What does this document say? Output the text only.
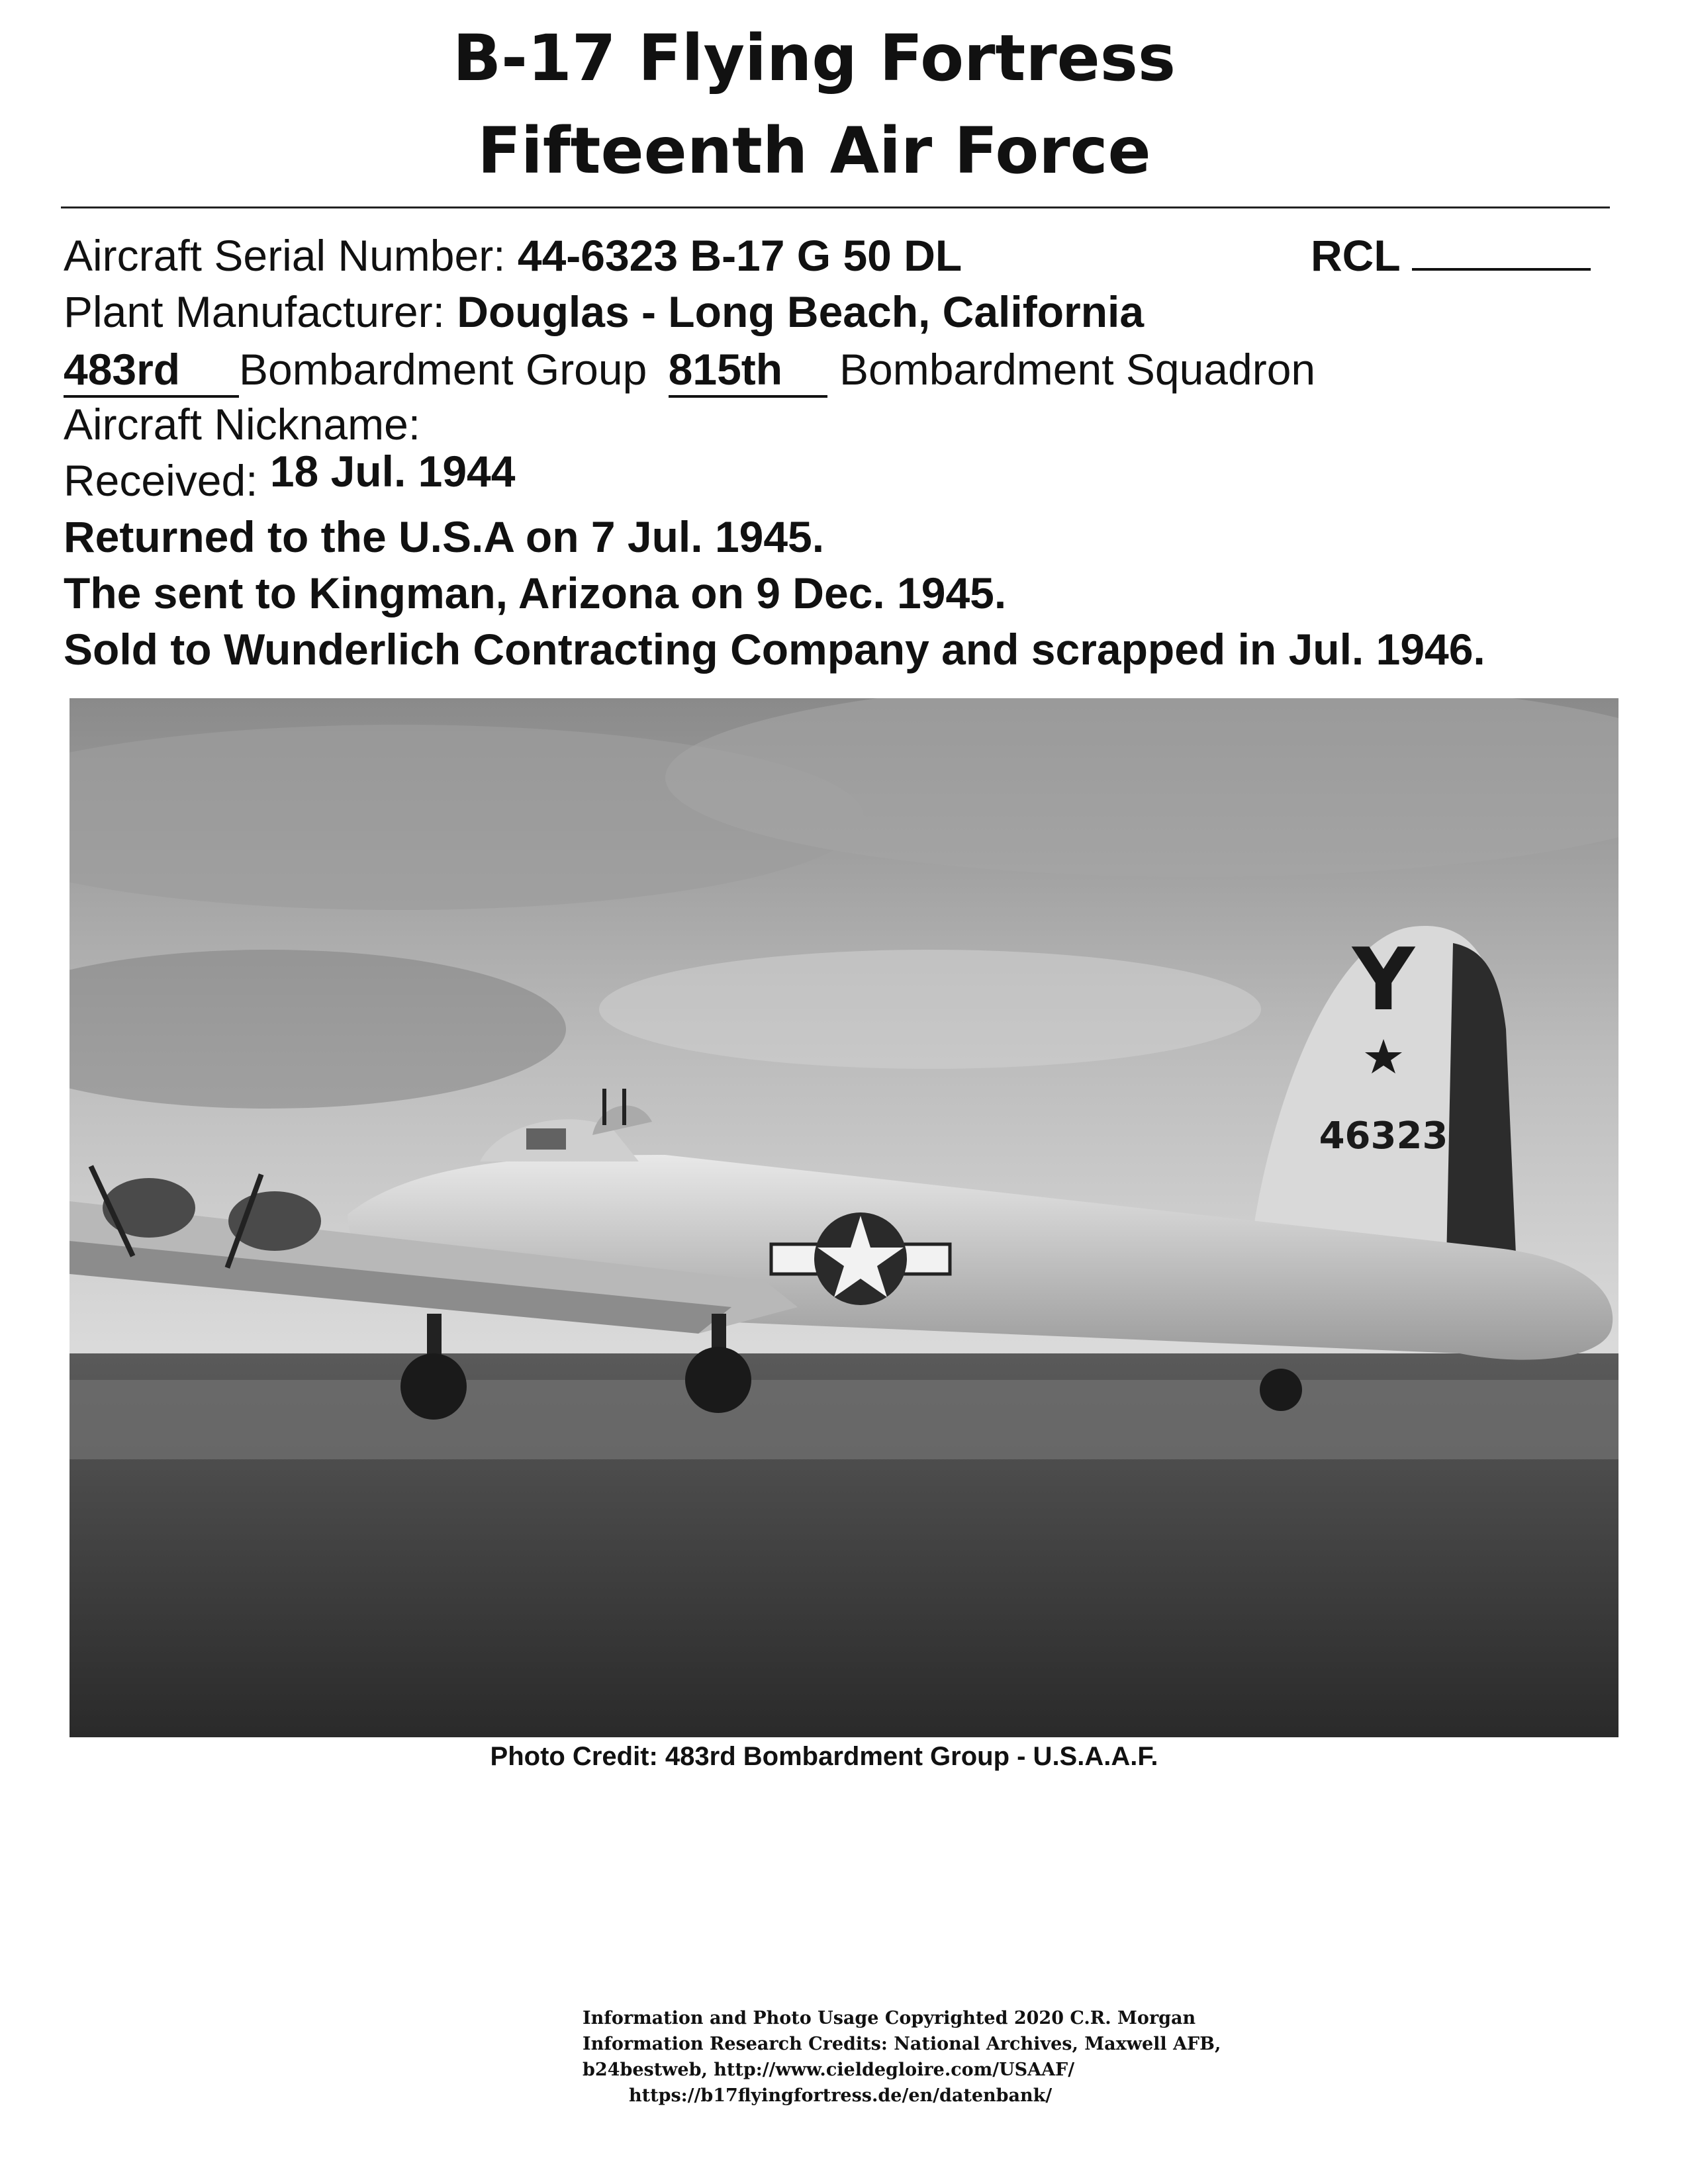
B-17 Flying Fortress
Fifteenth Air Force
Aircraft Serial Number: 44-6323 B-17 G 50 DL	RCL
Plant Manufacturer: Douglas - Long Beach, California
483rd Bombardment Group 815th Bombardment Squadron
Aircraft Nickname:
Received: 18 Jul. 1944
Returned to the U.S.A on 7 Jul. 1945.
The sent to Kingman, Arizona on 9 Dec. 1945.
Sold to Wunderlich Contracting Company and scrapped in Jul. 1946.
Y
46323
Photo Credit: 483rd Bombardment Group - U.S.A.A.F.
Information and Photo Usage Copyrighted 2020 C.R. Morgan
Information Research Credits: National Archives, Maxwell AFB,
b24bestweb, http://www.cieldegloire.com/USAAF/
https://b17flyingfortress.de/en/datenbank/
